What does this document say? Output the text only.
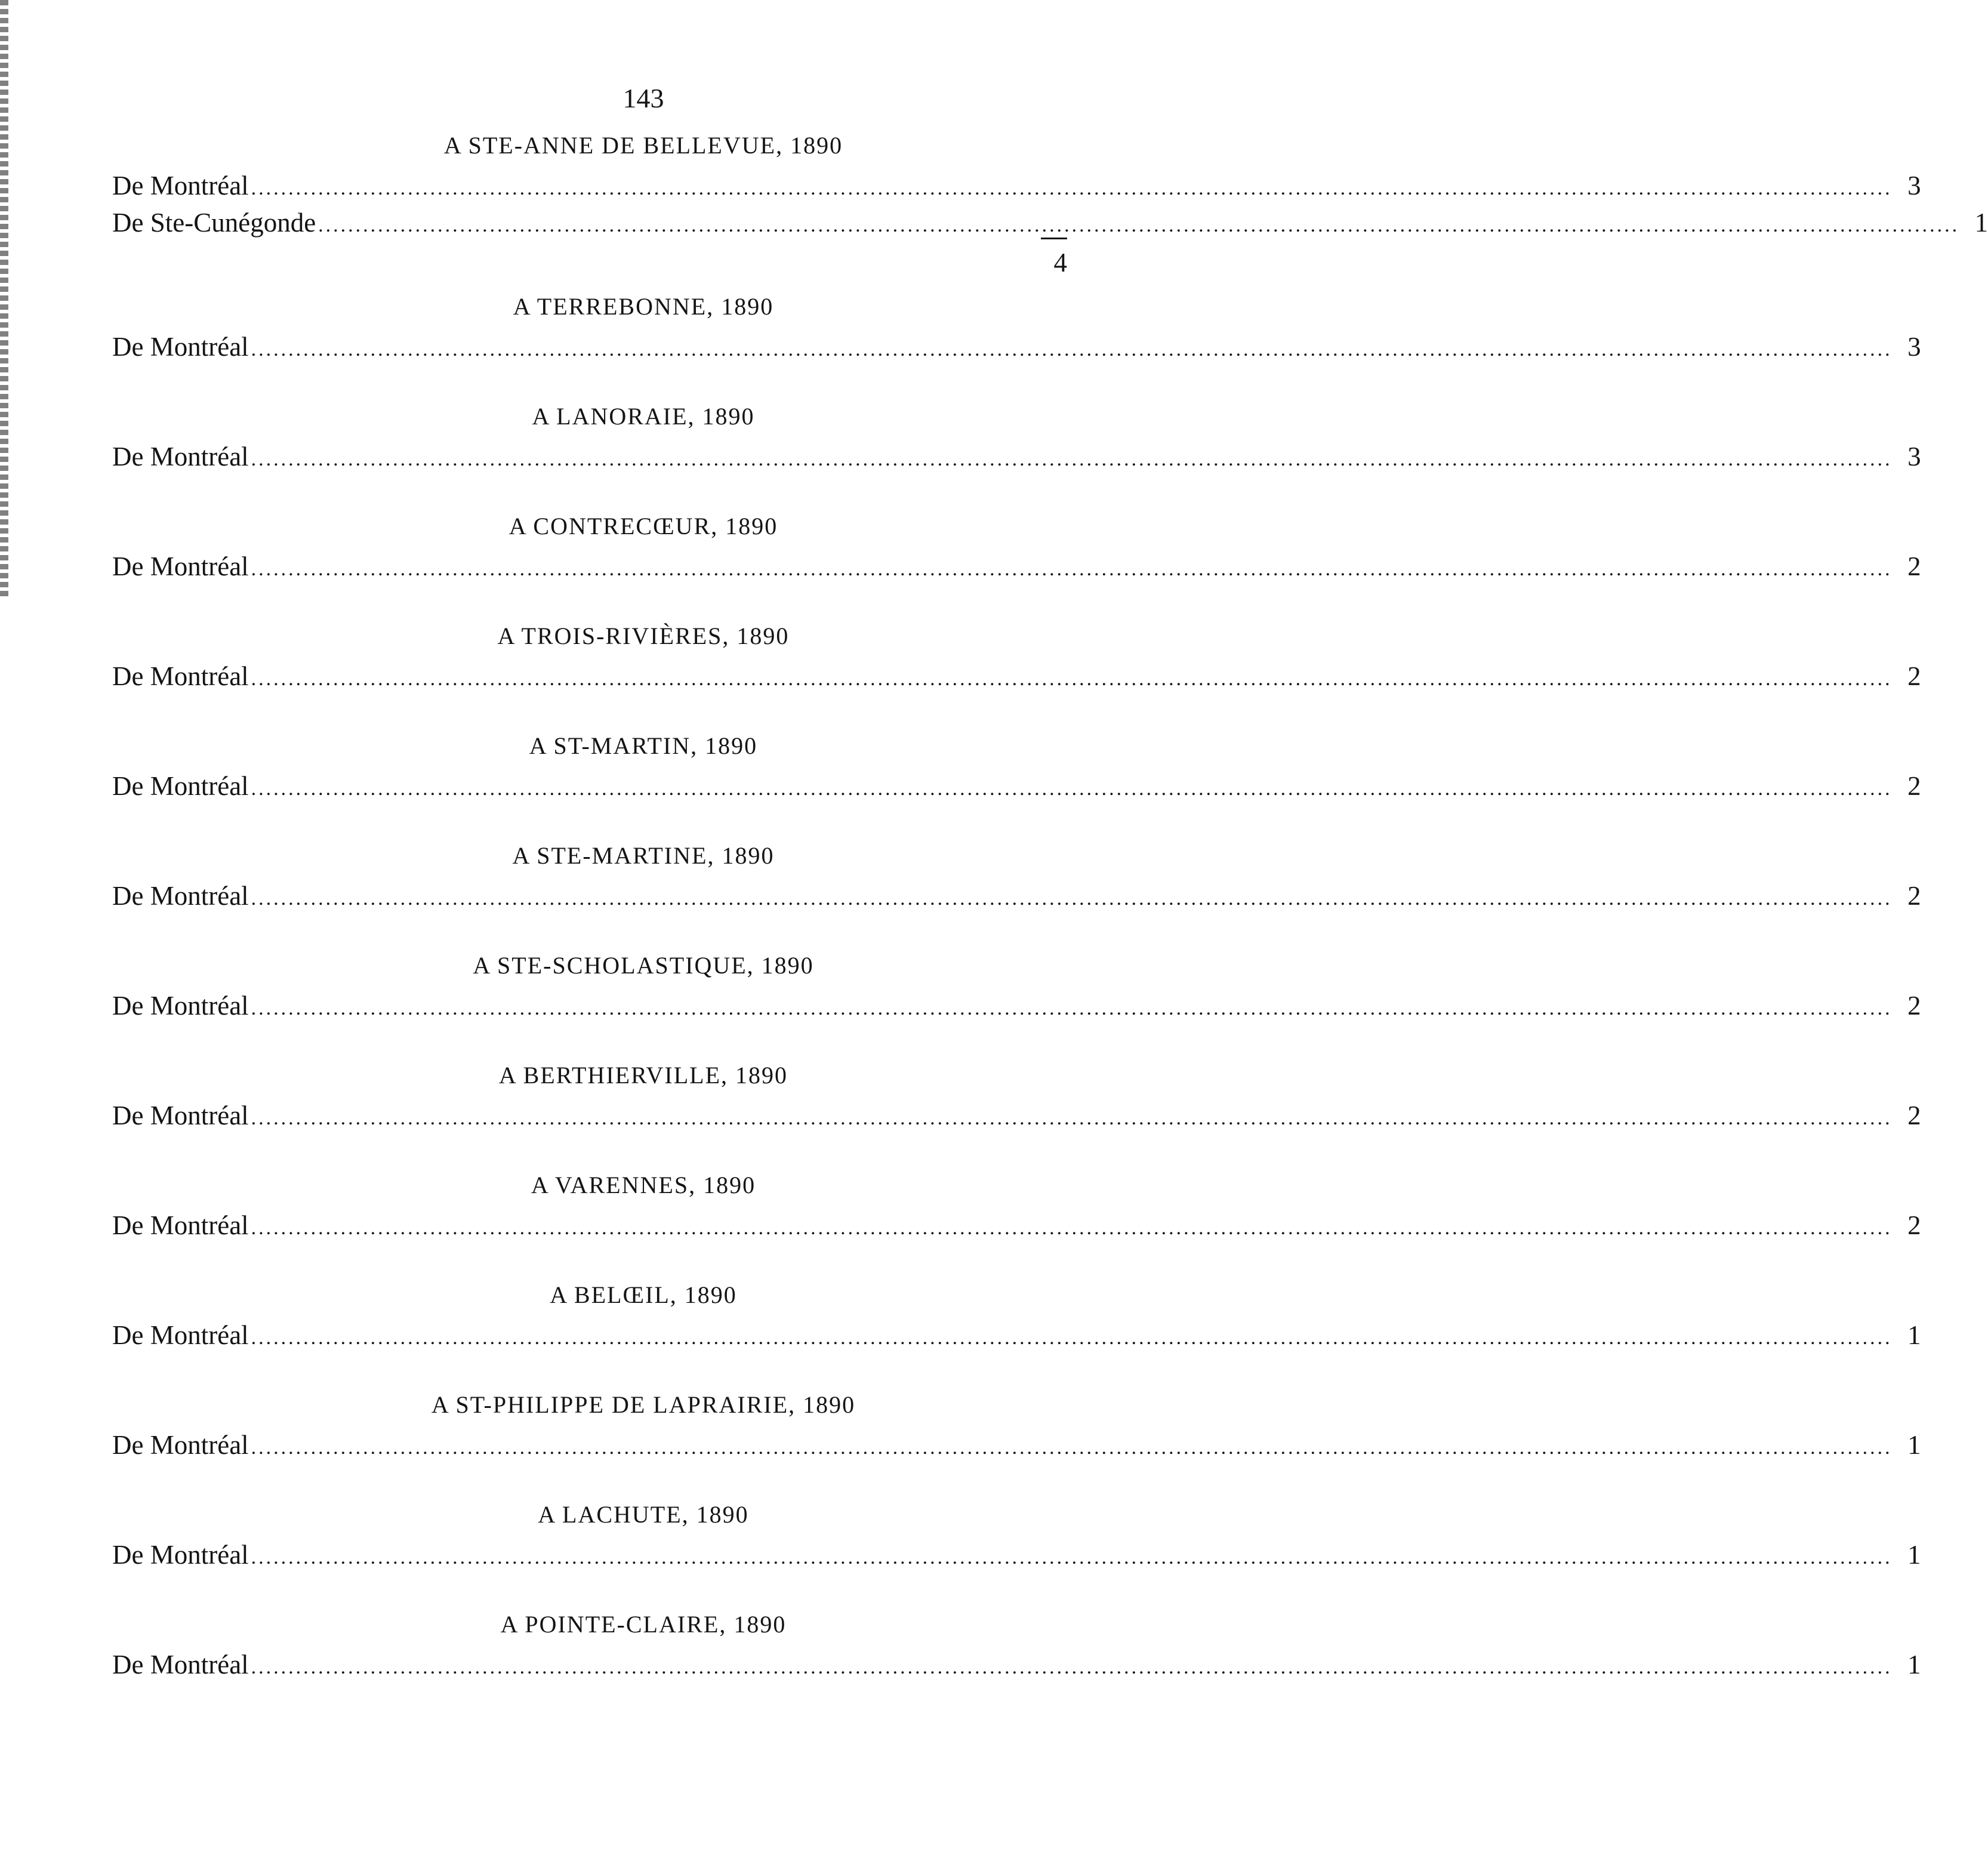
143
A STE-ANNE DE BELLEVUE, 1890
De Montréal ............................................................................................................................................................................................................................ 3
De Ste-Cunégonde ............................................................................................................................................................................................................................ 1
4
A TERREBONNE, 1890
De Montréal ............................................................................................................................................................................................................................ 3
A LANORAIE, 1890
De Montréal ............................................................................................................................................................................................................................ 3
A CONTRECŒUR, 1890
De Montréal ............................................................................................................................................................................................................................ 2
A TROIS-RIVIÈRES, 1890
De Montréal ............................................................................................................................................................................................................................ 2
A ST-MARTIN, 1890
De Montréal ............................................................................................................................................................................................................................ 2
A STE-MARTINE, 1890
De Montréal ............................................................................................................................................................................................................................ 2
A STE-SCHOLASTIQUE, 1890
De Montréal ............................................................................................................................................................................................................................ 2
A BERTHIERVILLE, 1890
De Montréal ............................................................................................................................................................................................................................ 2
A VARENNES, 1890
De Montréal ............................................................................................................................................................................................................................ 2
A BELŒIL, 1890
De Montréal ............................................................................................................................................................................................................................ 1
A ST-PHILIPPE DE LAPRAIRIE, 1890
De Montréal ............................................................................................................................................................................................................................ 1
A LACHUTE, 1890
De Montréal ............................................................................................................................................................................................................................ 1
A POINTE-CLAIRE, 1890
De Montréal ............................................................................................................................................................................................................................ 1
